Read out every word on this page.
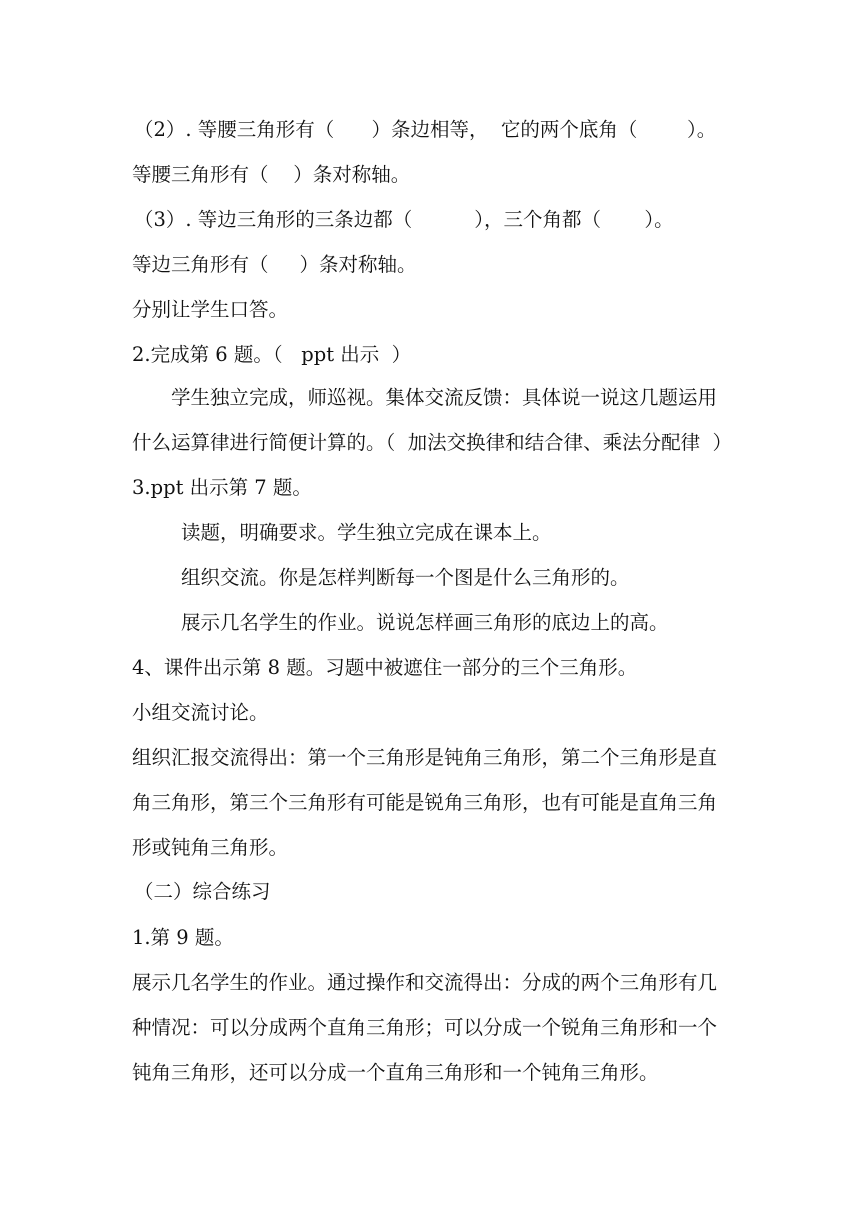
（2）. 等腰三角形有（      ）条边相等，  它的两个底角（        ）。
等腰三角形有（    ）条对称轴。
（3）. 等边三角形的三条边都（          ），三个角都（       ）。
等边三角形有（     ）条对称轴。
分别让学生口答。
2.完成第 6 题。（   ppt 出示  ）
学生独立完成，师巡视。集体交流反馈：具体说一说这几题运用
什么运算律进行简便计算的。（  加法交换律和结合律、乘法分配律  ）
3.ppt 出示第 7 题。
读题，明确要求。学生独立完成在课本上。
组织交流。你是怎样判断每一个图是什么三角形的。
展示几名学生的作业。说说怎样画三角形的底边上的高。
4、课件出示第 8 题。习题中被遮住一部分的三个三角形。
小组交流讨论。
组织汇报交流得出：第一个三角形是钝角三角形，第二个三角形是直
角三角形，第三个三角形有可能是锐角三角形，也有可能是直角三角
形或钝角三角形。
（二）综合练习
1.第 9 题。
展示几名学生的作业。通过操作和交流得出：分成的两个三角形有几
种情况：可以分成两个直角三角形；可以分成一个锐角三角形和一个
钝角三角形，还可以分成一个直角三角形和一个钝角三角形。
